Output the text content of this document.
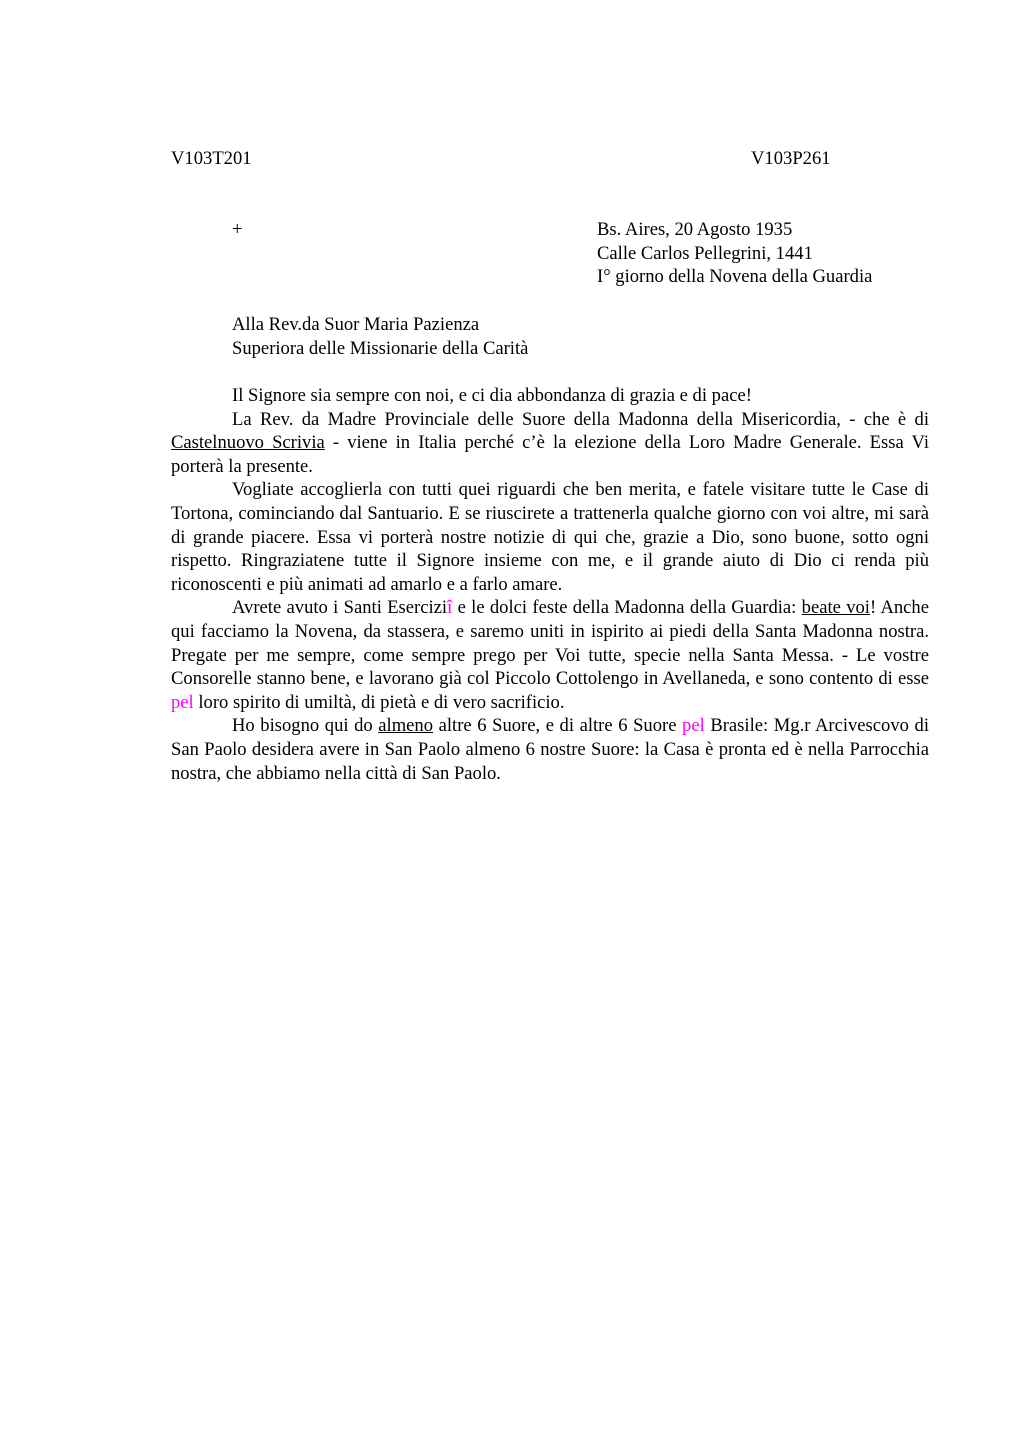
V103T201	V103P261
+	Bs. Aires, 20 Agosto 1935
Calle Carlos Pellegrini, 1441
I° giorno della Novena della Guardia
Alla Rev.da Suor Maria Pazienza
Superiora delle Missionarie della Carità

Il Signore sia sempre con noi, e ci dia abbondanza di grazia e di pace!

La Rev. da Madre Provinciale delle Suore della Madonna della Misericordia, - che è di Castelnuovo Scrivia - viene in Italia perché c’è la elezione della Loro Madre Generale. Essa Vi porterà la presente.

Vogliate accoglierla con tutti quei riguardi che ben merita, e fatele visitare tutte le Case di Tortona, cominciando dal Santuario. E se riuscirete a trattenerla qualche giorno con voi altre, mi sarà di grande piacere. Essa vi porterà nostre notizie di qui che, grazie a Dio, sono buone, sotto ogni rispetto. Ringraziatene tutte il Signore insieme con me, e il grande aiuto di Dio ci renda più riconoscenti e più animati ad amarlo e a farlo amare.

Avrete avuto i Santi Eserciziî e le dolci feste della Madonna della Guardia: beate voi! Anche qui facciamo la Novena, da stassera, e saremo uniti in ispirito ai piedi della Santa Madonna nostra. Pregate per me sempre, come sempre prego per Voi tutte, specie nella Santa Messa. - Le vostre Consorelle stanno bene, e lavorano già col Piccolo Cottolengo in Avellaneda, e sono contento di esse pel loro spirito di umiltà, di pietà e di vero sacrificio.

Ho bisogno qui do almeno altre 6 Suore, e di altre 6 Suore pel Brasile: Mg.r Arcivescovo di San Paolo desidera avere in San Paolo almeno 6 nostre Suore: la Casa è pronta ed è nella Parrocchia nostra, che abbiamo nella città di San Paolo.
